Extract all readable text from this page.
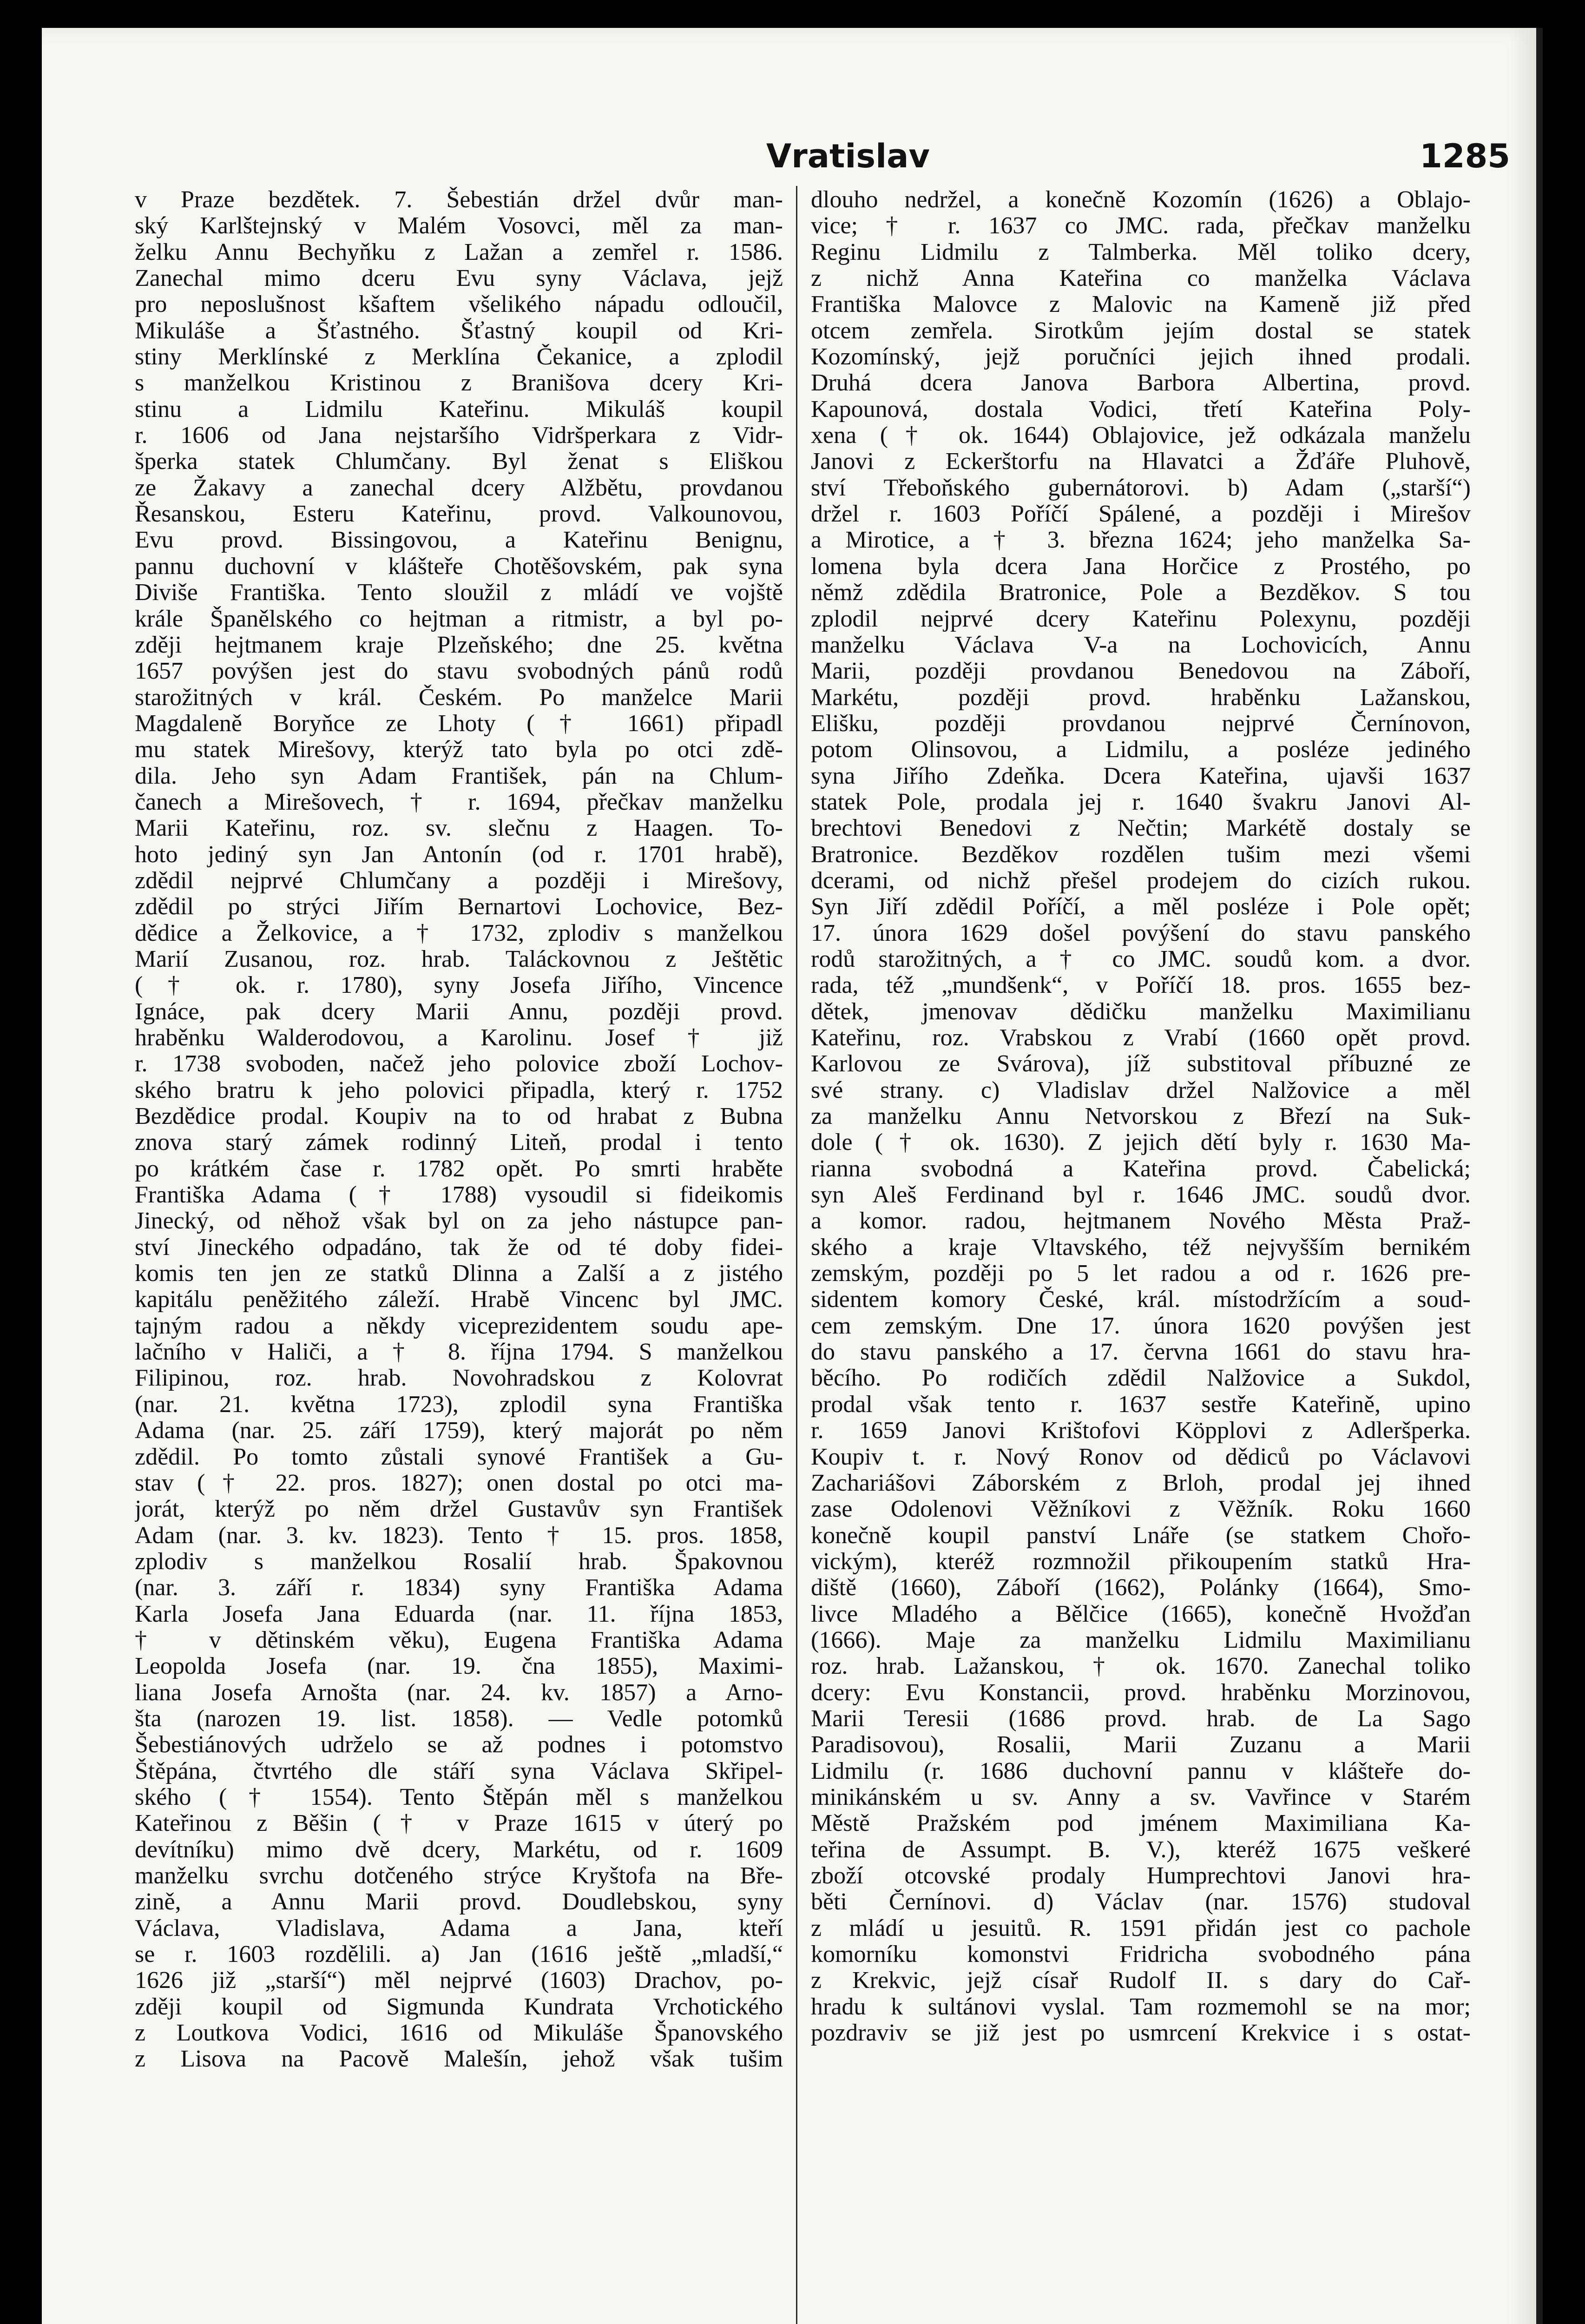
Vratislav	1285
v Praze bezdětek. 7. Šebestián držel dvůr man-
ský Karlštejnský v Malém Vosovci, měl za man-
želku Annu Bechyňku z Lažan a zemřel r. 1586.
Zanechal mimo dceru Evu syny Václava, jejž
pro neposlušnost kšaftem všelikého nápadu odloučil,
Mikuláše a Šťastného. Šťastný koupil od Kri-
stiny Merklínské z Merklína Čekanice, a zplodil
s manželkou Kristinou z Branišova dcery Kri-
stinu a Lidmilu Kateřinu. Mikuláš koupil
r. 1606 od Jana nejstaršího Vidršperkara z Vidr-
šperka statek Chlumčany. Byl ženat s Eliškou
ze Žakavy a zanechal dcery Alžbětu, provdanou
Řesanskou, Esteru Kateřinu, provd. Valkounovou,
Evu provd. Bissingovou, a Kateřinu Benignu,
pannu duchovní v klášteře Chotěšovském, pak syna
Diviše Františka. Tento sloužil z mládí ve vojště
krále Španělského co hejtman a ritmistr, a byl po-
zději hejtmanem kraje Plzeňského; dne 25. května
1657 povýšen jest do stavu svobodných pánů rodů
starožitných v král. Českém. Po manželce Marii
Magdaleně Boryňce ze Lhoty († 1661) připadl
mu statek Mirešovy, kterýž tato byla po otci zdě-
dila. Jeho syn Adam František, pán na Chlum-
čanech a Mirešovech, † r. 1694, přečkav manželku
Marii Kateřinu, roz. sv. slečnu z Haagen. To-
hoto jediný syn Jan Antonín (od r. 1701 hrabě),
zdědil nejprvé Chlumčany a později i Mirešovy,
zdědil po strýci Jiřím Bernartovi Lochovice, Bez-
dědice a Želkovice, a † 1732, zplodiv s manželkou
Marií Zusanou, roz. hrab. Taláckovnou z Ještětic
(† ok. r. 1780), syny Josefa Jiřího, Vincence
Ignáce, pak dcery Marii Annu, později provd.
hraběnku Walderodovou, a Karolinu. Josef † již
r. 1738 svoboden, načež jeho polovice zboží Lochov-
ského bratru k jeho polovici připadla, který r. 1752
Bezdědice prodal. Koupiv na to od hrabat z Bubna
znova starý zámek rodinný Liteň, prodal i tento
po krátkém čase r. 1782 opět. Po smrti hraběte
Františka Adama († 1788) vysoudil si fideikomis
Jinecký, od něhož však byl on za jeho nástupce pan-
ství Jineckého odpadáno, tak že od té doby fidei-
komis ten jen ze statků Dlinna a Zalší a z jistého
kapitálu peněžitého záleží. Hrabě Vincenc byl JMC.
tajným radou a někdy viceprezidentem soudu ape-
lačního v Haliči, a † 8. října 1794. S manželkou
Filipinou, roz. hrab. Novohradskou z Kolovrat
(nar. 21. května 1723), zplodil syna Františka
Adama (nar. 25. září 1759), který majorát po něm
zdědil. Po tomto zůstali synové František a Gu-
stav († 22. pros. 1827); onen dostal po otci ma-
jorát, kterýž po něm držel Gustavův syn František
Adam (nar. 3. kv. 1823). Tento † 15. pros. 1858,
zplodiv s manželkou Rosalií hrab. Špakovnou
(nar. 3. září r. 1834) syny Františka Adama
Karla Josefa Jana Eduarda (nar. 11. října 1853,
† v dětinském věku), Eugena Františka Adama
Leopolda Josefa (nar. 19. čna 1855), Maximi-
liana Josefa Arnošta (nar. 24. kv. 1857) a Arno-
šta (narozen 19. list. 1858). — Vedle potomků
Šebestiánových udrželo se až podnes i potomstvo
Štěpána, čtvrtého dle stáří syna Václava Skřipel-
ského († 1554). Tento Štěpán měl s manželkou
Kateřinou z Běšin († v Praze 1615 v úterý po
devítníku) mimo dvě dcery, Markétu, od r. 1609
manželku svrchu dotčeného strýce Kryštofa na Bře-
zině, a Annu Marii provd. Doudlebskou, syny
Václava, Vladislava, Adama a Jana, kteří
se r. 1603 rozdělili. a) Jan (1616 ještě „mladší,“
1626 již „starší“) měl nejprvé (1603) Drachov, po-
zději koupil od Sigmunda Kundrata Vrchotického
z Loutkova Vodici, 1616 od Mikuláše Španovského
z Lisova na Pacově Malešín, jehož však tušim
dlouho nedržel, a konečně Kozomín (1626) a Oblajo-
vice; † r. 1637 co JMC. rada, přečkav manželku
Reginu Lidmilu z Talmberka. Měl toliko dcery,
z nichž Anna Kateřina co manželka Václava
Františka Malovce z Malovic na Kameně již před
otcem zemřela. Sirotkům jejím dostal se statek
Kozomínský, jejž poručníci jejich ihned prodali.
Druhá dcera Janova Barbora Albertina, provd.
Kapounová, dostala Vodici, třetí Kateřina Poly-
xena († ok. 1644) Oblajovice, jež odkázala manželu
Janovi z Eckerštorfu na Hlavatci a Žďáře Pluhově,
ství Třeboňského gubernátorovi. b) Adam („starší“)
držel r. 1603 Poříčí Spálené, a později i Mirešov
a Mirotice, a † 3. března 1624; jeho manželka Sa-
lomena byla dcera Jana Horčice z Prostého, po
němž zdědila Bratronice, Pole a Bezděkov. S tou
zplodil nejprvé dcery Kateřinu Polexynu, později
manželku Václava V-a na Lochovicích, Annu
Marii, později provdanou Benedovou na Záboří,
Markétu, později provd. hraběnku Lažanskou,
Elišku, později provdanou nejprvé Černínovon,
potom Olinsovou, a Lidmilu, a posléze jediného
syna Jiřího Zdeňka. Dcera Kateřina, ujavši 1637
statek Pole, prodala jej r. 1640 švakru Janovi Al-
brechtovi Benedovi z Nečtin; Markétě dostaly se
Bratronice. Bezděkov rozdělen tušim mezi všemi
dcerami, od nichž přešel prodejem do cizích rukou.
Syn Jiří zdědil Poříčí, a měl posléze i Pole opět;
17. února 1629 došel povýšení do stavu panského
rodů starožitných, a † co JMC. soudů kom. a dvor.
rada, též „mundšenk“, v Poříčí 18. pros. 1655 bez-
dětek, jmenovav dědičku manželku Maximilianu
Kateřinu, roz. Vrabskou z Vrabí (1660 opět provd.
Karlovou ze Svárova), jíž substitoval příbuzné ze
své strany. c) Vladislav držel Nalžovice a měl
za manželku Annu Netvorskou z Březí na Suk-
dole († ok. 1630). Z jejich dětí byly r. 1630 Ma-
rianna svobodná a Kateřina provd. Čabelická;
syn Aleš Ferdinand byl r. 1646 JMC. soudů dvor.
a komor. radou, hejtmanem Nového Města Praž-
ského a kraje Vltavského, též nejvyšším bernikém
zemským, později po 5 let radou a od r. 1626 pre-
sidentem komory České, král. místodržícím a soud-
cem zemským. Dne 17. února 1620 povýšen jest
do stavu panského a 17. června 1661 do stavu hra-
běcího. Po rodičích zdědil Nalžovice a Sukdol,
prodal však tento r. 1637 sestře Kateřině, upino
r. 1659 Janovi Krištofovi Köpplovi z Adleršperka.
Koupiv t. r. Nový Ronov od dědiců po Václavovi
Zachariášovi Záborském z Brloh, prodal jej ihned
zase Odolenovi Věžníkovi z Věžník. Roku 1660
konečně koupil panství Lnáře (se statkem Chořo-
vickým), kteréž rozmnožil přikoupením statků Hra-
diště (1660), Záboří (1662), Polánky (1664), Smo-
livce Mladého a Bělčice (1665), konečně Hvožďan
(1666). Maje za manželku Lidmilu Maximilianu
roz. hrab. Lažanskou, † ok. 1670. Zanechal toliko
dcery: Evu Konstancii, provd. hraběnku Morzinovou,
Marii Teresii (1686 provd. hrab. de La Sago
Paradisovou), Rosalii, Marii Zuzanu a Marii
Lidmilu (r. 1686 duchovní pannu v klášteře do-
minikánském u sv. Anny a sv. Vavřince v Starém
Městě Pražském pod jménem Maximiliana Ka-
teřina de Assumpt. B. V.), kteréž 1675 veškeré
zboží otcovské prodaly Humprechtovi Janovi hra-
běti Černínovi. d) Václav (nar. 1576) studoval
z mládí u jesuitů. R. 1591 přidán jest co pachole
komorníku komonstvi Fridricha svobodného pána
z Krekvic, jejž císař Rudolf II. s dary do Cař-
hradu k sultánovi vyslal. Tam rozmemohl se na mor;
pozdraviv se již jest po usmrcení Krekvice i s ostat-
